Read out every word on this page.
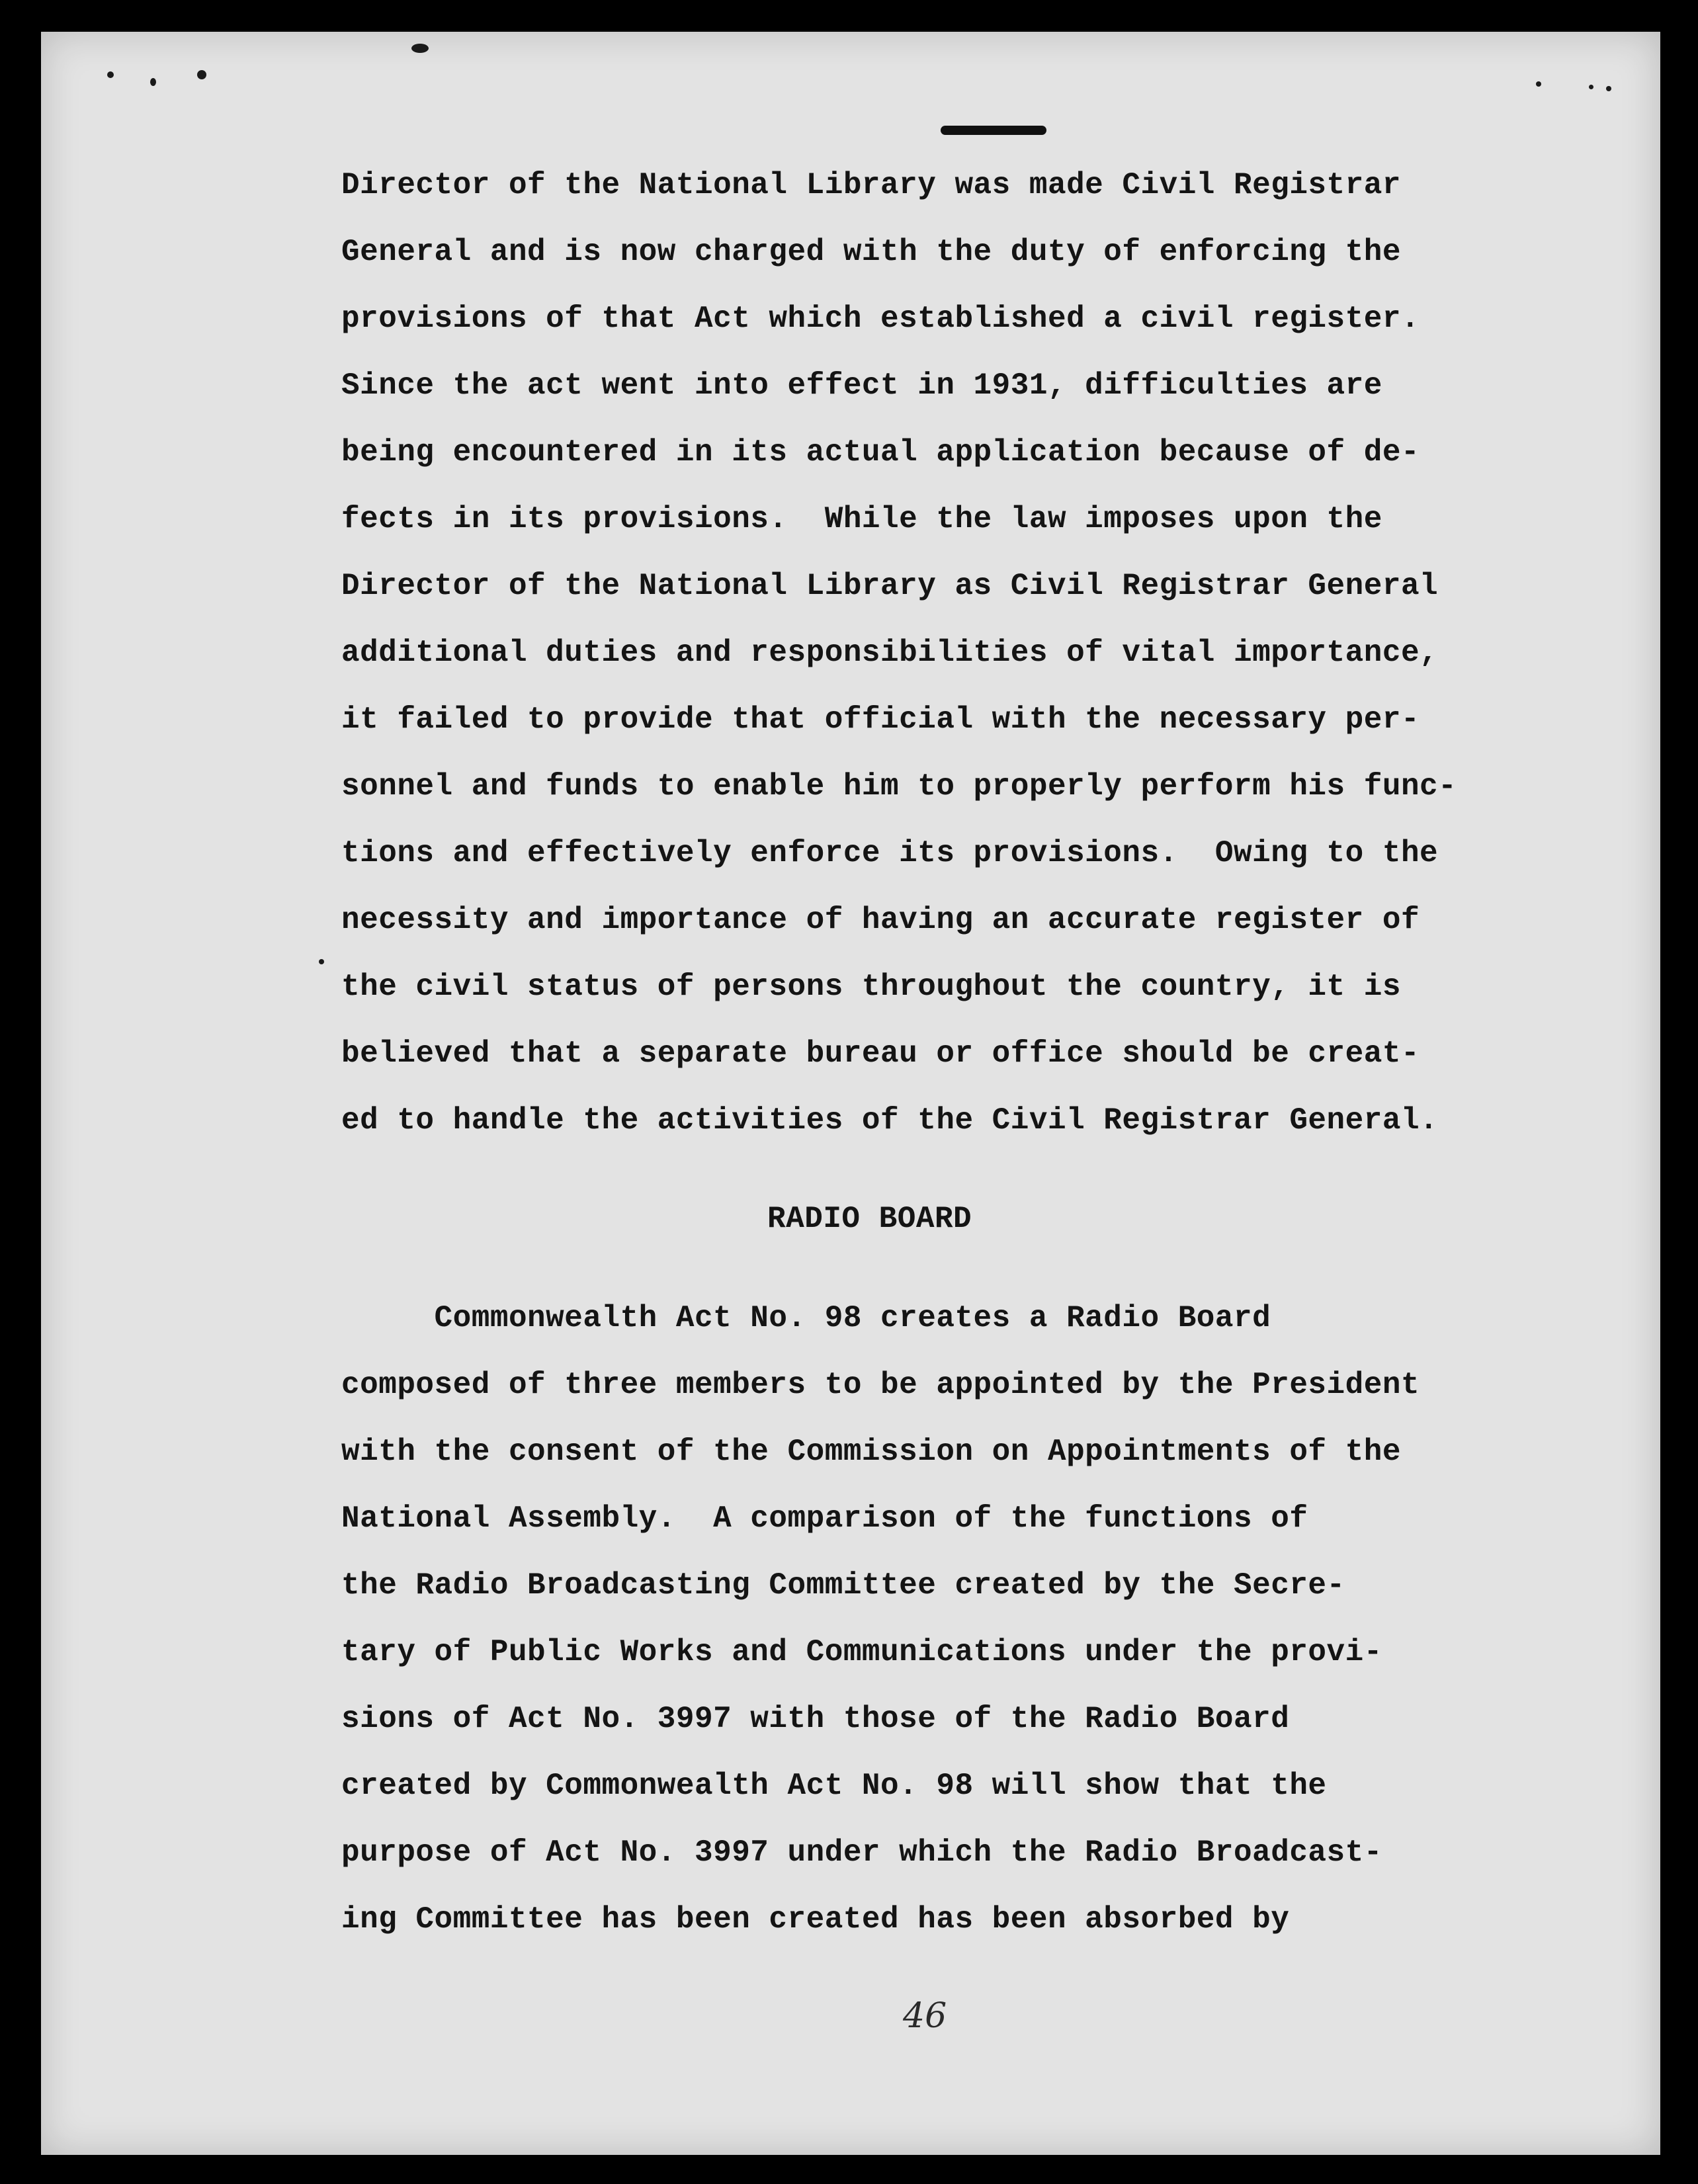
Director of the National Library was made Civil Registrar
General and is now charged with the duty of enforcing the
provisions of that Act which established a civil register.
Since the act went into effect in 1931, difficulties are
being encountered in its actual application because of de-
fects in its provisions.  While the law imposes upon the
Director of the National Library as Civil Registrar General
additional duties and responsibilities of vital importance,
it failed to provide that official with the necessary per-
sonnel and funds to enable him to properly perform his func-
tions and effectively enforce its provisions.  Owing to the
necessity and importance of having an accurate register of
the civil status of persons throughout the country, it is
believed that a separate bureau or office should be creat-
ed to handle the activities of the Civil Registrar General.

RADIO BOARD

Commonwealth Act No. 98 creates a Radio Board
composed of three members to be appointed by the President
with the consent of the Commission on Appointments of the
National Assembly.  A comparison of the functions of
the Radio Broadcasting Committee created by the Secre-
tary of Public Works and Communications under the provi-
sions of Act No. 3997 with those of the Radio Board
created by Commonwealth Act No. 98 will show that the
purpose of Act No. 3997 under which the Radio Broadcast-
ing Committee has been created has been absorbed by

46
